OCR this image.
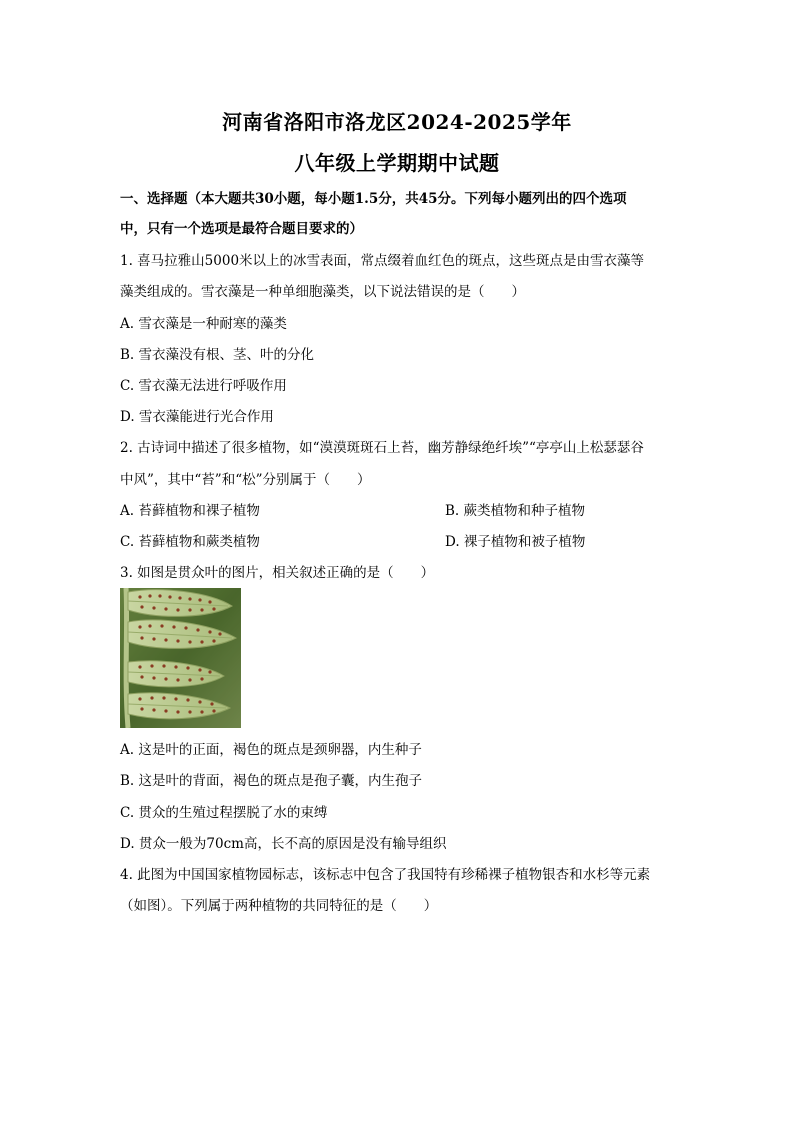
河南省洛阳市洛龙区2024-2025学年
八年级上学期期中试题
一、选择题（本大题共30小题，每小题1.5分，共45分。下列每小题列出的四个选项
中，只有一个选项是最符合题目要求的）
1. 喜马拉雅山5000米以上的冰雪表面，常点缀着血红色的斑点，这些斑点是由雪衣藻等
藻类组成的。雪衣藻是一种单细胞藻类，以下说法错误的是（　　）
A. 雪衣藻是一种耐寒的藻类
B. 雪衣藻没有根、茎、叶的分化
C. 雪衣藻无法进行呼吸作用
D. 雪衣藻能进行光合作用
2. 古诗词中描述了很多植物，如“漠漠斑斑石上苔，幽芳静绿绝纤埃”“亭亭山上松瑟瑟谷
中风”，其中“苔”和“松”分别属于（　　）
A. 苔藓植物和裸子植物	B. 蕨类植物和种子植物
C. 苔藓植物和蕨类植物	D. 裸子植物和被子植物
3. 如图是贯众叶的图片，相关叙述正确的是（　　）
A. 这是叶的正面，褐色的斑点是颈卵器，内生种子
B. 这是叶的背面，褐色的斑点是孢子囊，内生孢子
C. 贯众的生殖过程摆脱了水的束缚
D. 贯众一般为70cm高，长不高的原因是没有输导组织
4. 此图为中国国家植物园标志，该标志中包含了我国特有珍稀裸子植物银杏和水杉等元素
（如图）。下列属于两种植物的共同特征的是（　　）
